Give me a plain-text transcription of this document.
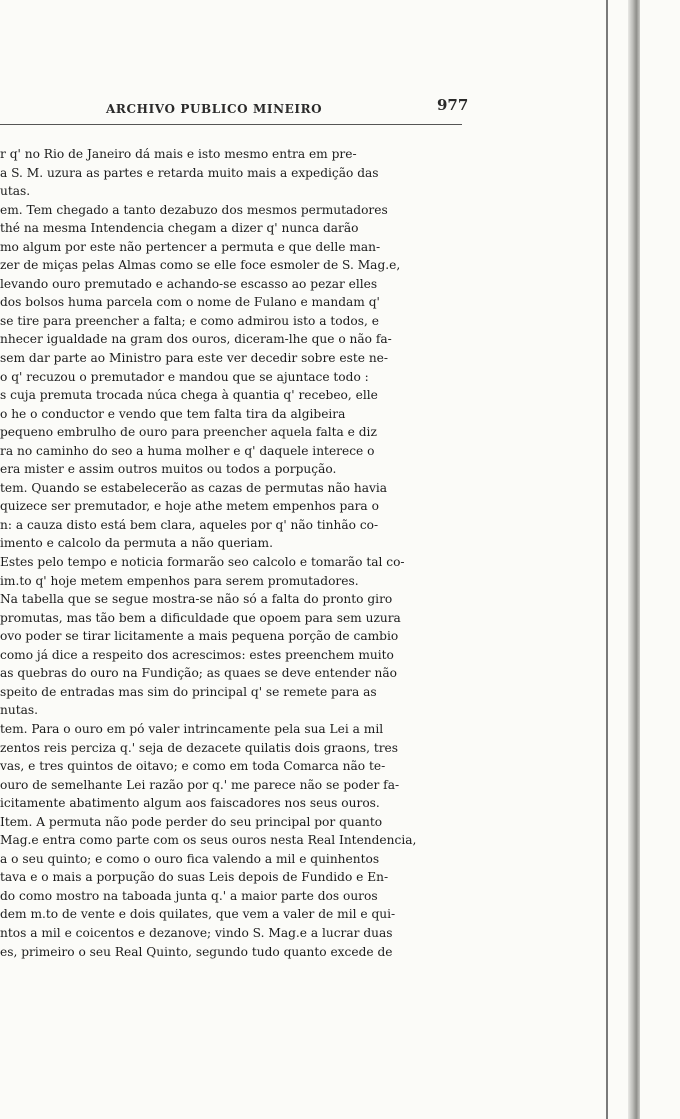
ARCHIVO PUBLICO MINEIRO	977
r q' no Rio de Janeiro dá mais e isto mesmo entra em pre-
a S. M. uzura as partes e retarda muito mais a expedição das
utas.
em. Tem chegado a tanto dezabuzo dos mesmos permutadores
thé na mesma Intendencia chegam a dizer q' nunca darão
mo algum por este não pertencer a permuta e que delle man-
zer de miças pelas Almas como se elle foce esmoler de S. Mag.e,
levando ouro premutado e achando-se escasso ao pezar elles
dos bolsos huma parcela com o nome de Fulano e mandam q'
se tire para preencher a falta; e como admirou isto a todos, e
nhecer igualdade na gram dos ouros, diceram-lhe que o não fa-
sem dar parte ao Ministro para este ver decedir sobre este ne-
o q' recuzou o premutador e mandou que se ajuntace todo :
s cuja premuta trocada núca chega à quantia q' recebeo, elle
o he o conductor e vendo que tem falta tira da algibeira
pequeno embrulho de ouro para preencher aquela falta e diz
ra no caminho do seo a huma molher e q' daquele interece o
era mister e assim outros muitos ou todos a porpução.
tem. Quando se estabelecerão as cazas de permutas não havia
quizece ser premutador, e hoje athe metem empenhos para o
n: a cauza disto está bem clara, aqueles por q' não tinhão co-
imento e calcolo da permuta a não queriam.
Estes pelo tempo e noticia formarão seo calcolo e tomarão tal co-
im.to q' hoje metem empenhos para serem promutadores.
Na tabella que se segue mostra-se não só a falta do pronto giro
promutas, mas tão bem a dificuldade que opoem para sem uzura
ovo poder se tirar licitamente a mais pequena porção de cambio
como já dice a respeito dos acrescimos: estes preenchem muito
as quebras do ouro na Fundição; as quaes se deve entender não
speito de entradas mas sim do principal q' se remete para as
nutas.
tem. Para o ouro em pó valer intrincamente pela sua Lei a mil
zentos reis perciza q.' seja de dezacete quilatis dois graons, tres
vas, e tres quintos de oitavo; e como em toda Comarca não te-
ouro de semelhante Lei razão por q.' me parece não se poder fa-
icitamente abatimento algum aos faiscadores nos seus ouros.
Item. A permuta não pode perder do seu principal por quanto
Mag.e entra como parte com os seus ouros nesta Real Intendencia,
a o seu quinto; e como o ouro fica valendo a mil e quinhentos
tava e o mais a porpução do suas Leis depois de Fundido e En-
do como mostro na taboada junta q.' a maior parte dos ouros
dem m.to de vente e dois quilates, que vem a valer de mil e qui-
ntos a mil e coicentos e dezanove; vindo S. Mag.e a lucrar duas
es, primeiro o seu Real Quinto, segundo tudo quanto excede de
